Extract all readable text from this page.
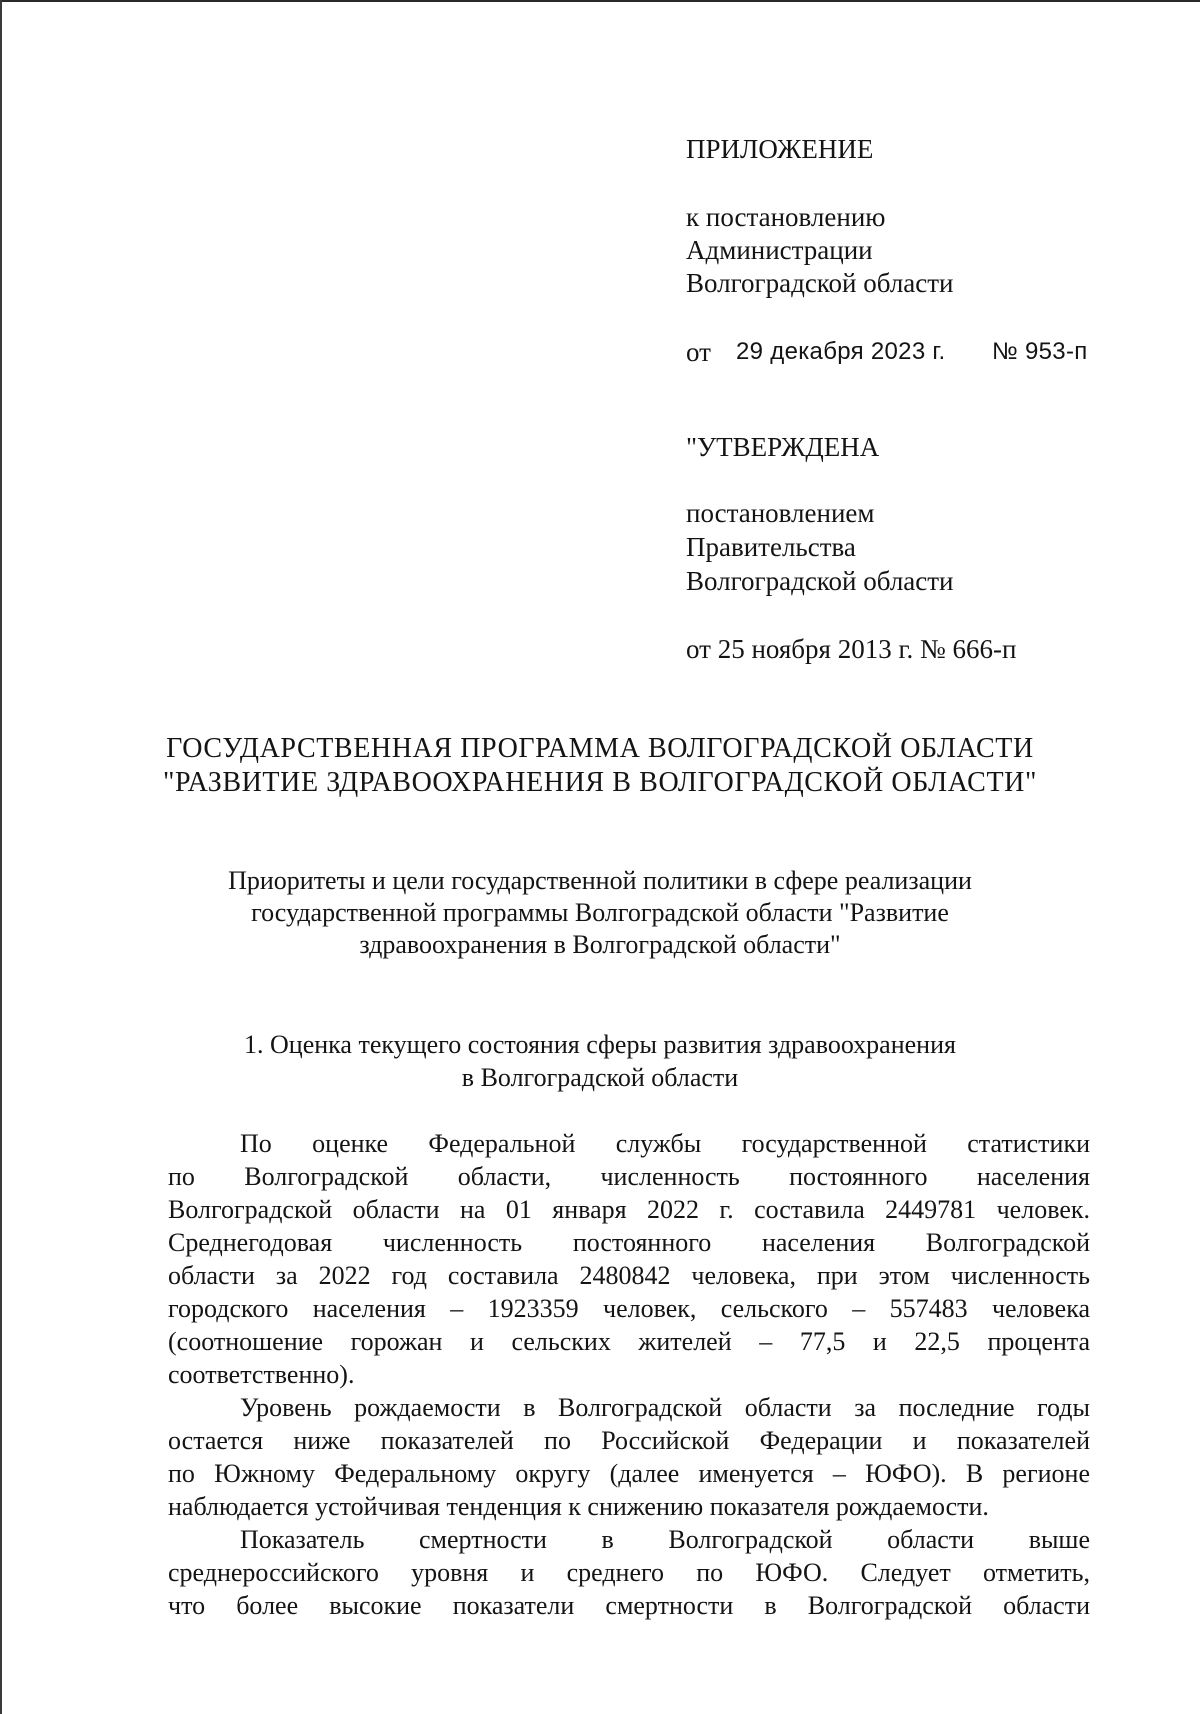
ПРИЛОЖЕНИЕ
к постановлению
Администрации
Волгоградской области
от 29 декабря 2023 г. № 953-п
"УТВЕРЖДЕНА
постановлением
Правительства
Волгоградской области
от 25 ноября 2013 г. № 666-п
ГОСУДАРСТВЕННАЯ ПРОГРАММА ВОЛГОГРАДСКОЙ ОБЛАСТИ
"РАЗВИТИЕ ЗДРАВООХРАНЕНИЯ В ВОЛГОГРАДСКОЙ ОБЛАСТИ"
Приоритеты и цели государственной политики в сфере реализации
государственной программы Волгоградской области "Развитие
здравоохранения в Волгоградской области"
1. Оценка текущего состояния сферы развития здравоохранения
в Волгоградской области

По оценке Федеральной службы государственной статистики

по Волгоградской области, численность постоянного населения

Волгоградской области на 01 января 2022 г. составила 2449781 человек.

Среднегодовая численность постоянного населения Волгоградской

области за 2022 год составила 2480842 человека, при этом численность

городского населения – 1923359 человек, сельского – 557483 человека

(соотношение горожан и сельских жителей – 77,5 и 22,5 процента

соответственно).

Уровень рождаемости в Волгоградской области за последние годы

остается ниже показателей по Российской Федерации и показателей

по Южному Федеральному округу (далее именуется – ЮФО). В регионе

наблюдается устойчивая тенденция к снижению показателя рождаемости.

Показатель смертности в Волгоградской области выше

среднероссийского уровня и среднего по ЮФО. Следует отметить,

что более высокие показатели смертности в Волгоградской области
